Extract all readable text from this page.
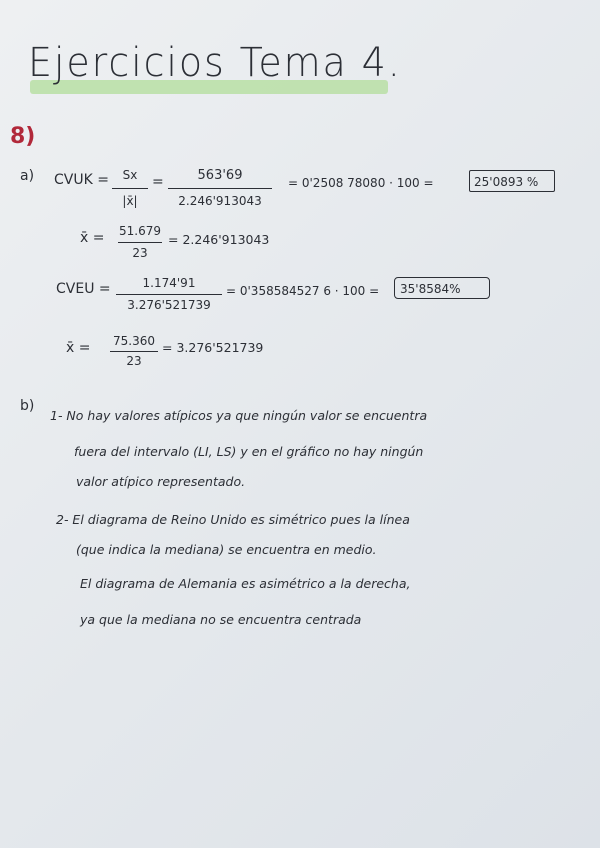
Ejercicios Tema 4.
8)
a) CVUK =	Sx
|x̄|
=	563'69
2.246'913043
= 0'2508 78080 · 100 =	25'0893 %
x̄ = 51.679
23
= 2.246'913043
CVEU =	1.174'91
3.276'521739
= 0'358584527 6 · 100 =	35'8584%
x̄ = 75.360
23
= 3.276'521739
b)
1- No hay valores atípicos ya que ningún valor se encuentra
fuera del intervalo (LI, LS) y en el gráfico no hay ningún
valor atípico representado.
2- El diagrama de Reino Unido es simétrico pues la línea
(que indica la mediana) se encuentra en medio.
El diagrama de Alemania es asimétrico a la derecha,
ya que la mediana no se encuentra centrada
